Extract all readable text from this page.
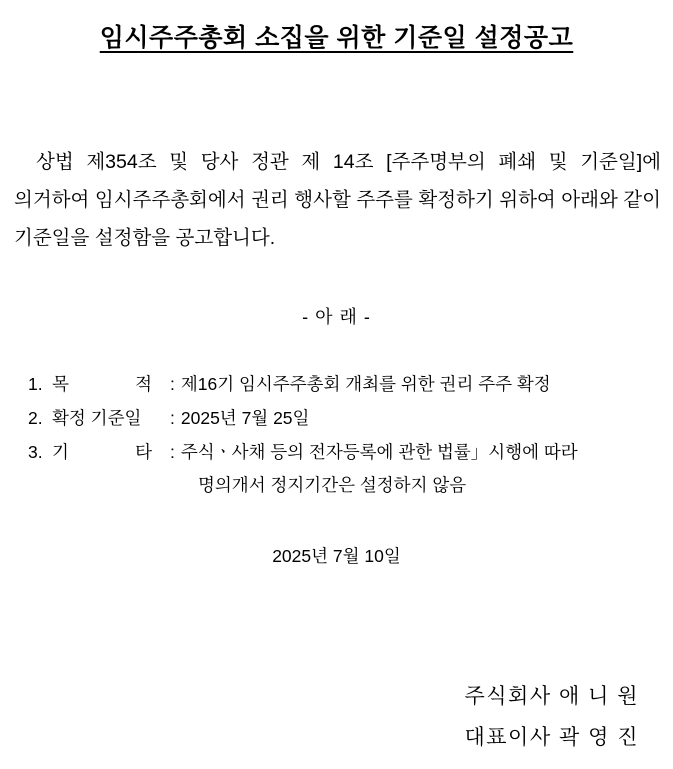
임시주주총회 소집을 위한 기준일 설정공고

상법 제354조 및 당사 정관 제 14조 [주주명부의 폐쇄 및 기준일]에 의거하여 임시주주총회에서 권리 행사할 주주를 확정하기 위하여 아래와 같이 기준일을 설정함을 공고합니다.

- 아 래 -
1. 목	적 : 제16기 임시주주총회 개최를 위한 권리 주주 확정
2. 확정 기준일	: 2025년 7월 25일
3. 기	타 : 주식ㆍ사채 등의 전자등록에 관한 법률」시행에 따라
명의개서 정지기간은 설정하지 않음
2025년 7월 10일
주식회사 애 니 원
대표이사 곽 영 진
